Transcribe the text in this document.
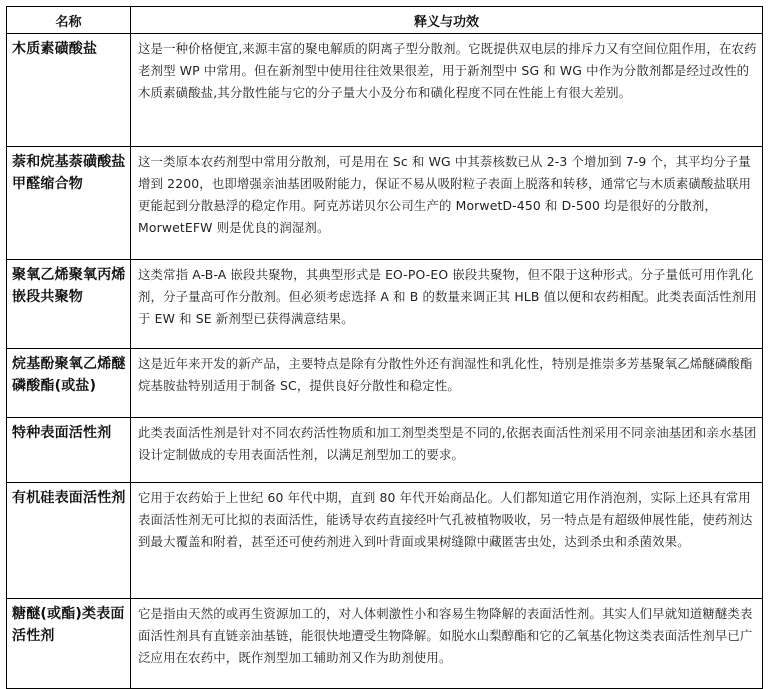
名称	释义与功效
木质素磺酸盐	这是一种价格便宜,来源丰富的聚电解质的阴离子型分散剂。它既提供双电层的排斥力又有空间位阻作用，在农药老剂型 WP 中常用。但在新剂型中使用往往效果很差，用于新剂型中 SG 和 WG 中作为分散剂都是经过改性的木质素磺酸盐,其分散性能与它的分子量大小及分布和磺化程度不同在性能上有很大差别。
萘和烷基萘磺酸盐甲醛缩合物	这一类原本农药剂型中常用分散剂，可是用在 Sc 和 WG 中其萘核数已从 2-3 个增加到 7-9 个，其平均分子量增到 2200，也即增强亲油基团吸附能力，保证不易从吸附粒子表面上脱落和转移，通常它与木质素磺酸盐联用更能起到分散悬浮的稳定作用。阿克苏诺贝尔公司生产的 MorwetD-450 和 D-500 均是很好的分散剂，MorwetEFW 则是优良的润湿剂。
聚氧乙烯聚氧丙烯嵌段共聚物	这类常指 A-B-A 嵌段共聚物，其典型形式是 EO-PO-EO 嵌段共聚物，但不限于这种形式。分子量低可用作乳化剂，分子量高可作分散剂。但必须考虑选择 A 和 B 的数量来调正其 HLB 值以便和农药相配。此类表面活性剂用于 EW 和 SE 新剂型已获得满意结果。
烷基酚聚氧乙烯醚磷酸酯(或盐)	这是近年来开发的新产品，主要特点是除有分散性外还有润湿性和乳化性，特别是推崇多芳基聚氧乙烯醚磷酸酯烷基胺盐特别适用于制备 SC，提供良好分散性和稳定性。
特种表面活性剂	此类表面活性剂是针对不同农药活性物质和加工剂型类型是不同的,依据表面活性剂采用不同亲油基团和亲水基团设计定制做成的专用表面活性剂，以满足剂型加工的要求。
有机硅表面活性剂	它用于农药始于上世纪 60 年代中期，直到 80 年代开始商品化。人们都知道它用作消泡剂，实际上还具有常用表面活性剂无可比拟的表面活性，能诱导农药直接经叶气孔被植物吸收，另一特点是有超级伸展性能，使药剂达到最大覆盖和附着，甚至还可使药剂进入到叶背面或果树缝隙中藏匿害虫处，达到杀虫和杀菌效果。
糖醚(或酯)类表面活性剂	它是指由天然的或再生资源加工的，对人体刺激性小和容易生物降解的表面活性剂。其实人们早就知道糖醚类表面活性剂具有直链亲油基链，能很快地遭受生物降解。如脱水山梨醇酯和它的乙氧基化物这类表面活性剂早已广泛应用在农药中，既作剂型加工辅助剂又作为助剂使用。
